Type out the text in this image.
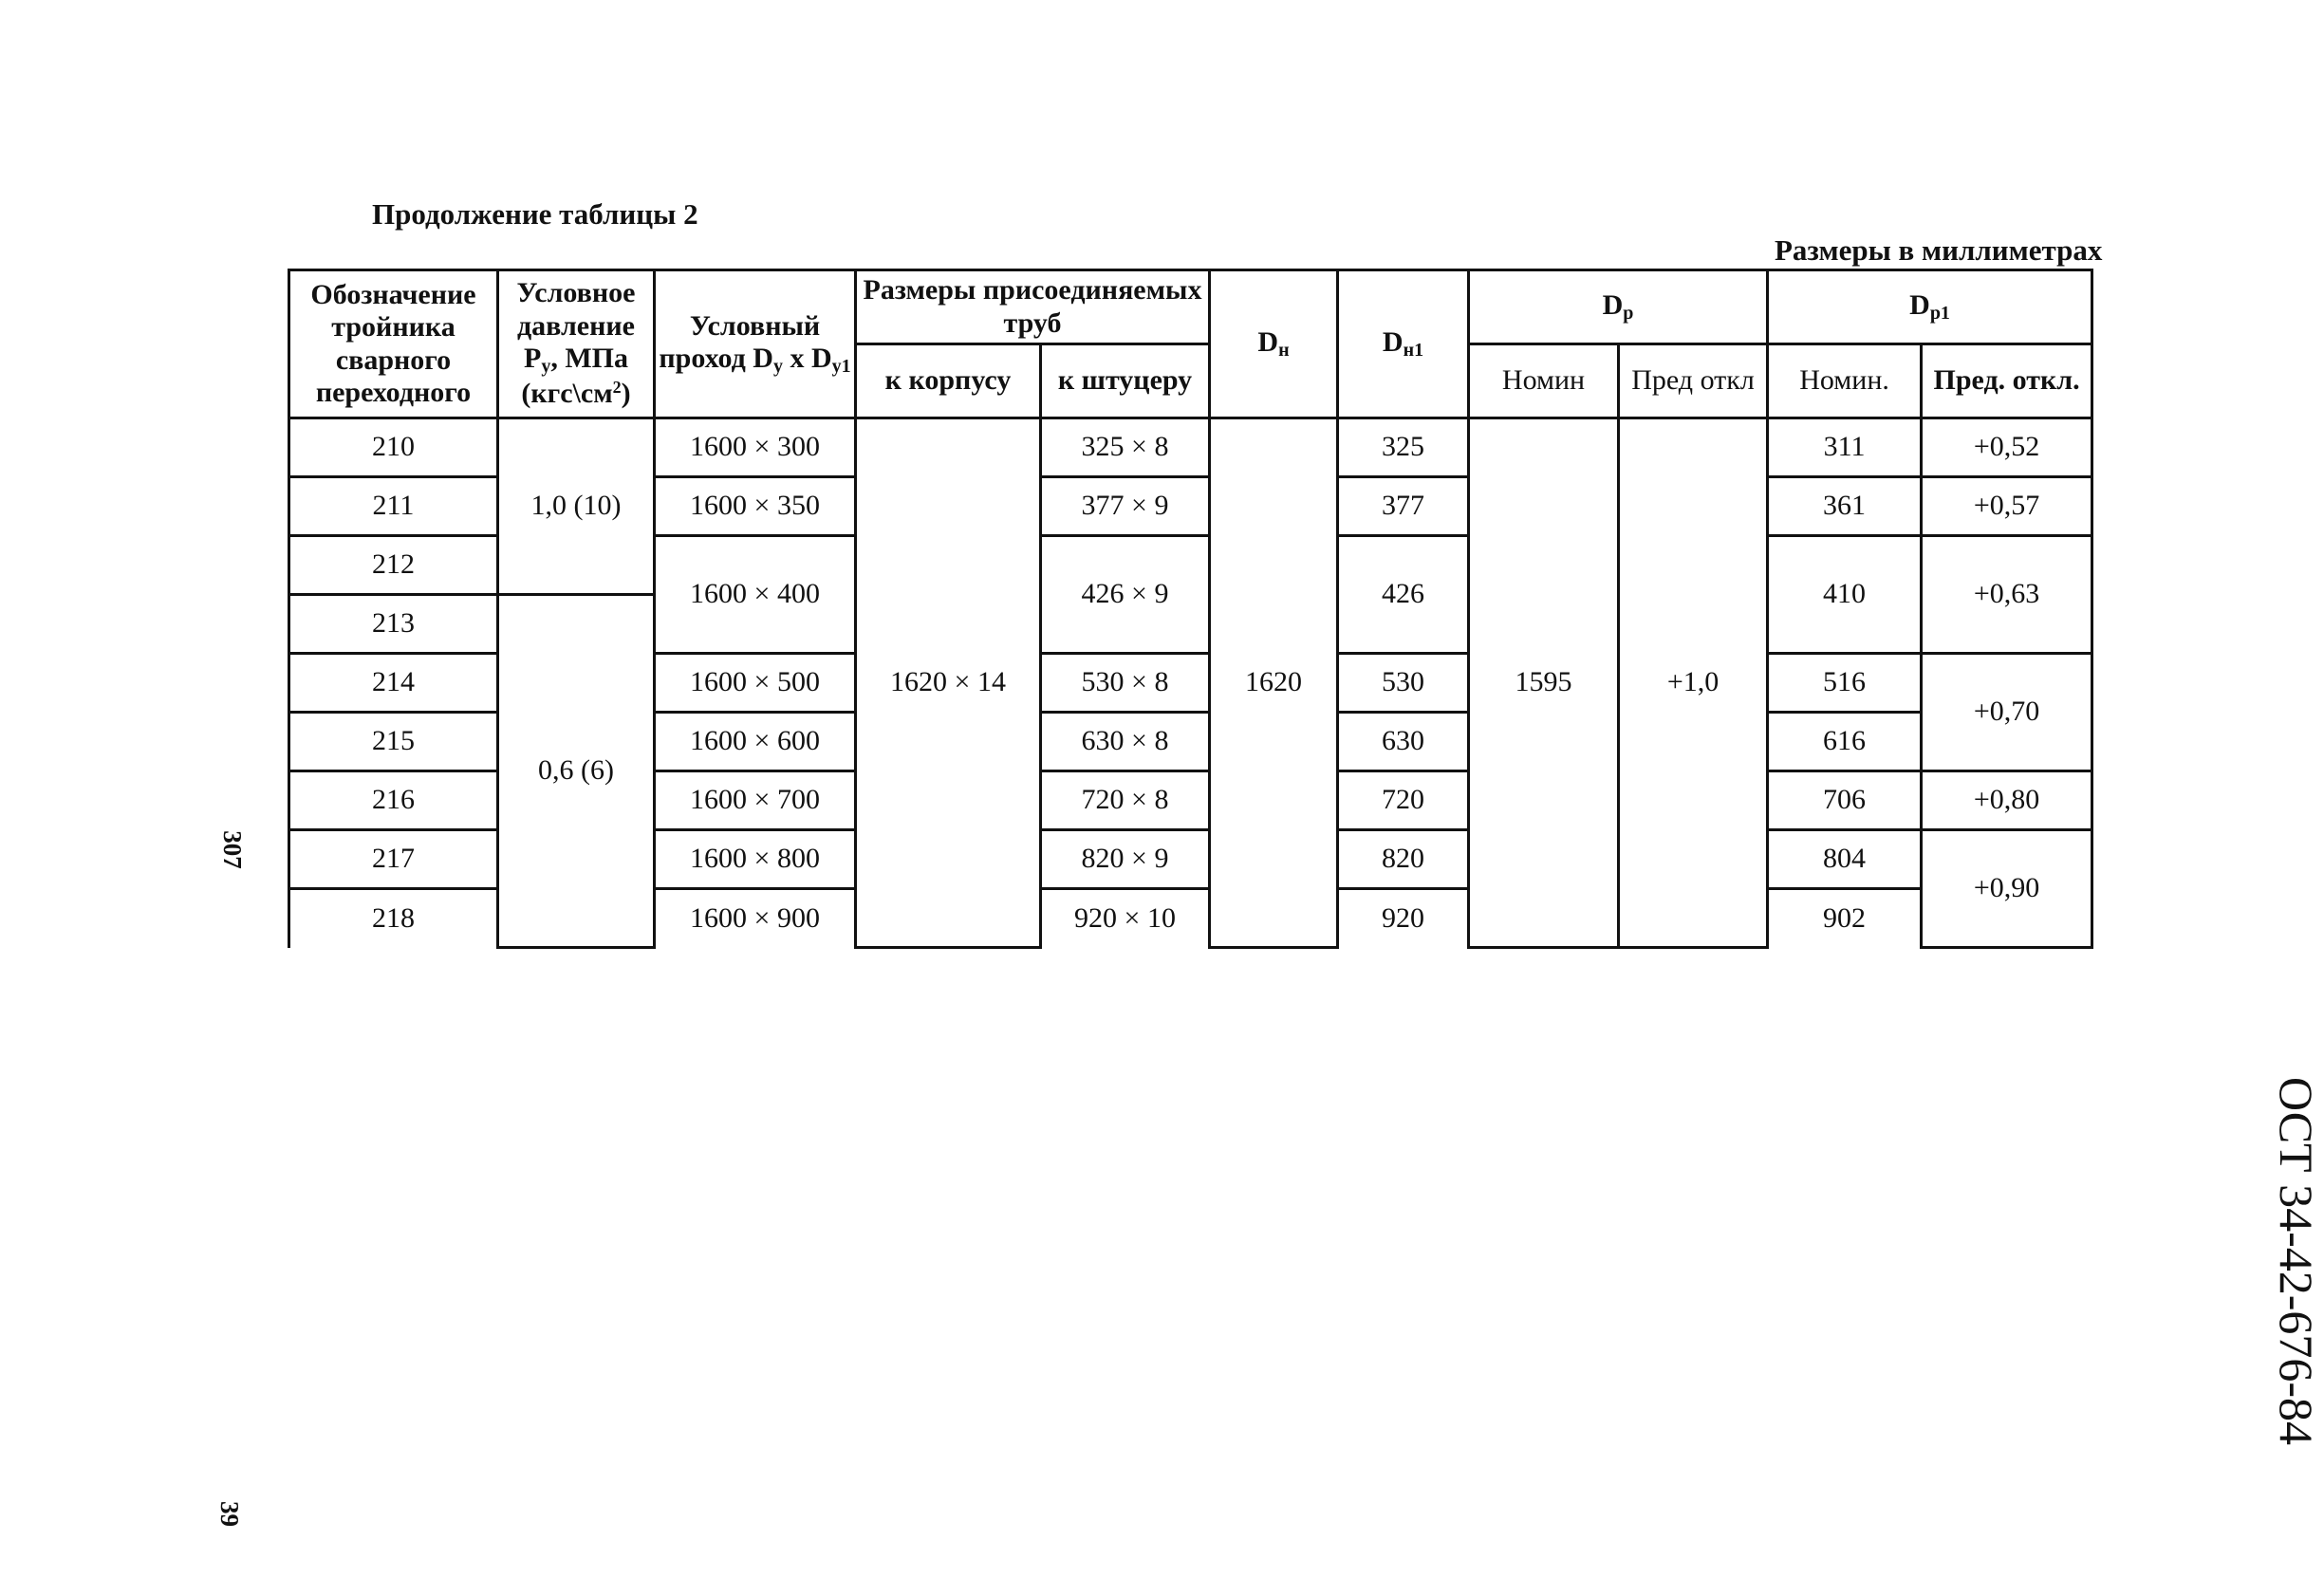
Продолжение таблицы 2
Размеры в миллиметрах
307
39
ОСТ 34-42-676-84
Обозначение тройника сварного переходного	Условное давление $P_у$, МПа $(кгс\backslash см^2)$	Условный проход $D_у$ x $D_{у1}$	Размеры присоединяемых труб		$D_н$	$D_{н1}$	$D_р$		$D_{р1}$
			к корпусу	к штуцеру			Номин	Пред откл	Номин.	Пред. откл.
210	1,0 (10)	1600 × 300	1620 × 14	325 × 8	1620	325	1595	+1,0	311	+0,52
211		1600 × 350		377 × 9		377			361	+0,57
212		1600 × 400		426 × 9		426			410	+0,63
213	0,6 (6)									
214		1600 × 500		530 × 8		530			516	+0,70
215		1600 × 600		630 × 8		630			616	
216		1600 × 700		720 × 8		720			706	+0,80
217		1600 × 800		820 × 9		820			804	+0,90
218		1600 × 900		920 × 10		920			902	
